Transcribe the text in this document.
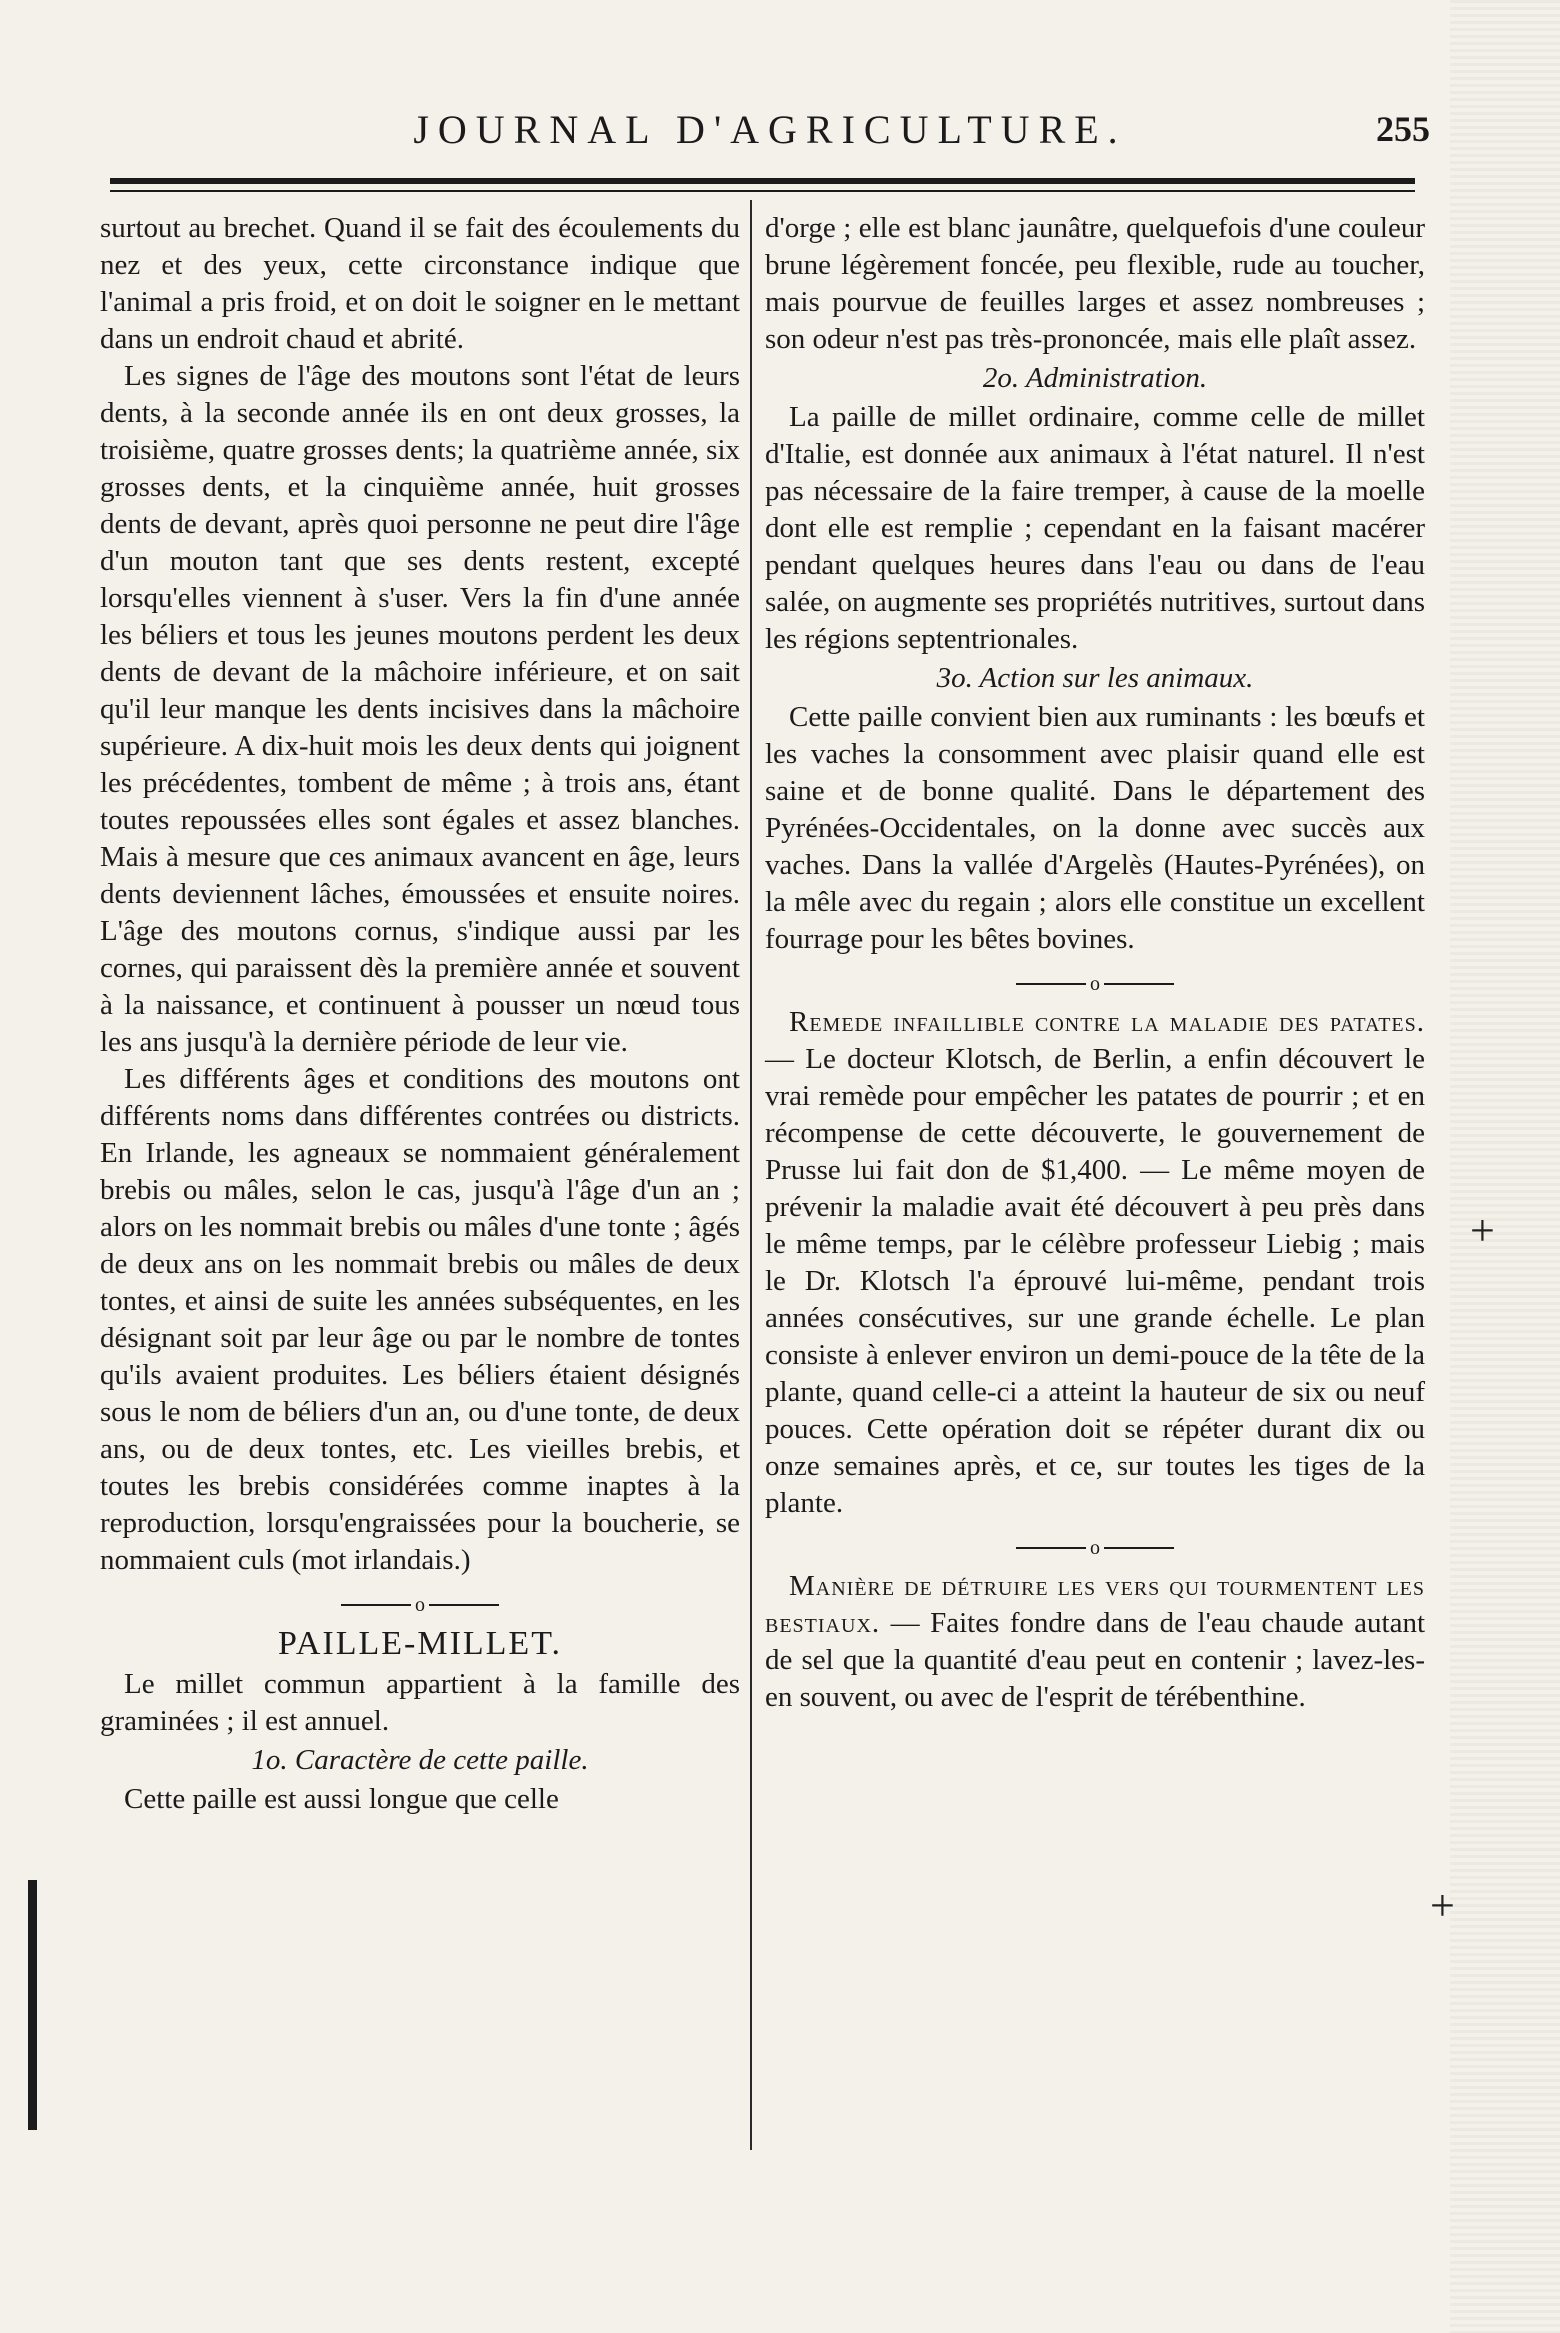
JOURNAL D'AGRICULTURE.	255
+
+

surtout au brechet. Quand il se fait des écoulements du nez et des yeux, cette circonstance indique que l'animal a pris froid, et on doit le soigner en le mettant dans un endroit chaud et abrité.

Les signes de l'âge des moutons sont l'état de leurs dents, à la seconde année ils en ont deux grosses, la troisième, quatre grosses dents; la quatrième année, six grosses dents, et la cinquième année, huit grosses dents de devant, après quoi personne ne peut dire l'âge d'un mouton tant que ses dents restent, excepté lorsqu'elles viennent à s'user. Vers la fin d'une année les béliers et tous les jeunes moutons perdent les deux dents de devant de la mâchoire inférieure, et on sait qu'il leur manque les dents incisives dans la mâchoire supérieure. A dix-huit mois les deux dents qui joignent les précédentes, tombent de même ; à trois ans, étant toutes repoussées elles sont égales et assez blanches. Mais à mesure que ces animaux avancent en âge, leurs dents deviennent lâches, émoussées et ensuite noires. L'âge des moutons cornus, s'indique aussi par les cornes, qui paraissent dès la première année et souvent à la naissance, et continuent à pousser un nœud tous les ans jusqu'à la dernière période de leur vie.

Les différents âges et conditions des moutons ont différents noms dans différentes contrées ou districts. En Irlande, les agneaux se nommaient généralement brebis ou mâles, selon le cas, jusqu'à l'âge d'un an ; alors on les nommait brebis ou mâles d'une tonte ; âgés de deux ans on les nommait brebis ou mâles de deux tontes, et ainsi de suite les années subséquentes, en les désignant soit par leur âge ou par le nombre de tontes qu'ils avaient produites. Les béliers étaient désignés sous le nom de béliers d'un an, ou d'une tonte, de deux ans, ou de deux tontes, etc. Les vieilles brebis, et toutes les brebis considérées comme inaptes à la reproduction, lorsqu'engraissées pour la boucherie, se nommaient culs (mot irlandais.)

o
PAILLE-MILLET.

Le millet commun appartient à la famille des graminées ; il est annuel.

1o. Caractère de cette paille.

Cette paille est aussi longue que celle

d'orge ; elle est blanc jaunâtre, quelquefois d'une couleur brune légèrement foncée, peu flexible, rude au toucher, mais pourvue de feuilles larges et assez nombreuses ; son odeur n'est pas très-prononcée, mais elle plaît assez.

2o. Administration.

La paille de millet ordinaire, comme celle de millet d'Italie, est donnée aux animaux à l'état naturel. Il n'est pas nécessaire de la faire tremper, à cause de la moelle dont elle est remplie ; cependant en la faisant macérer pendant quelques heures dans l'eau ou dans de l'eau salée, on augmente ses propriétés nutritives, surtout dans les régions septentrionales.

3o. Action sur les animaux.

Cette paille convient bien aux ruminants : les bœufs et les vaches la consomment avec plaisir quand elle est saine et de bonne qualité. Dans le département des Pyrénées-Occidentales, on la donne avec succès aux vaches. Dans la vallée d'Argelès (Hautes-Pyrénées), on la mêle avec du regain ; alors elle constitue un excellent fourrage pour les bêtes bovines.

o

Remede infaillible contre la maladie des patates. — Le docteur Klotsch, de Berlin, a enfin découvert le vrai remède pour empêcher les patates de pourrir ; et en récompense de cette découverte, le gouvernement de Prusse lui fait don de $1,400. — Le même moyen de prévenir la maladie avait été découvert à peu près dans le même temps, par le célèbre professeur Liebig ; mais le Dr. Klotsch l'a éprouvé lui-même, pendant trois années consécutives, sur une grande échelle. Le plan consiste à enlever environ un demi-pouce de la tête de la plante, quand celle-ci a atteint la hauteur de six ou neuf pouces. Cette opération doit se répéter durant dix ou onze semaines après, et ce, sur toutes les tiges de la plante.

o

Manière de détruire les vers qui tourmentent les bestiaux. — Faites fondre dans de l'eau chaude autant de sel que la quantité d'eau peut en contenir ; lavez-les-en souvent, ou avec de l'esprit de térébenthine.
